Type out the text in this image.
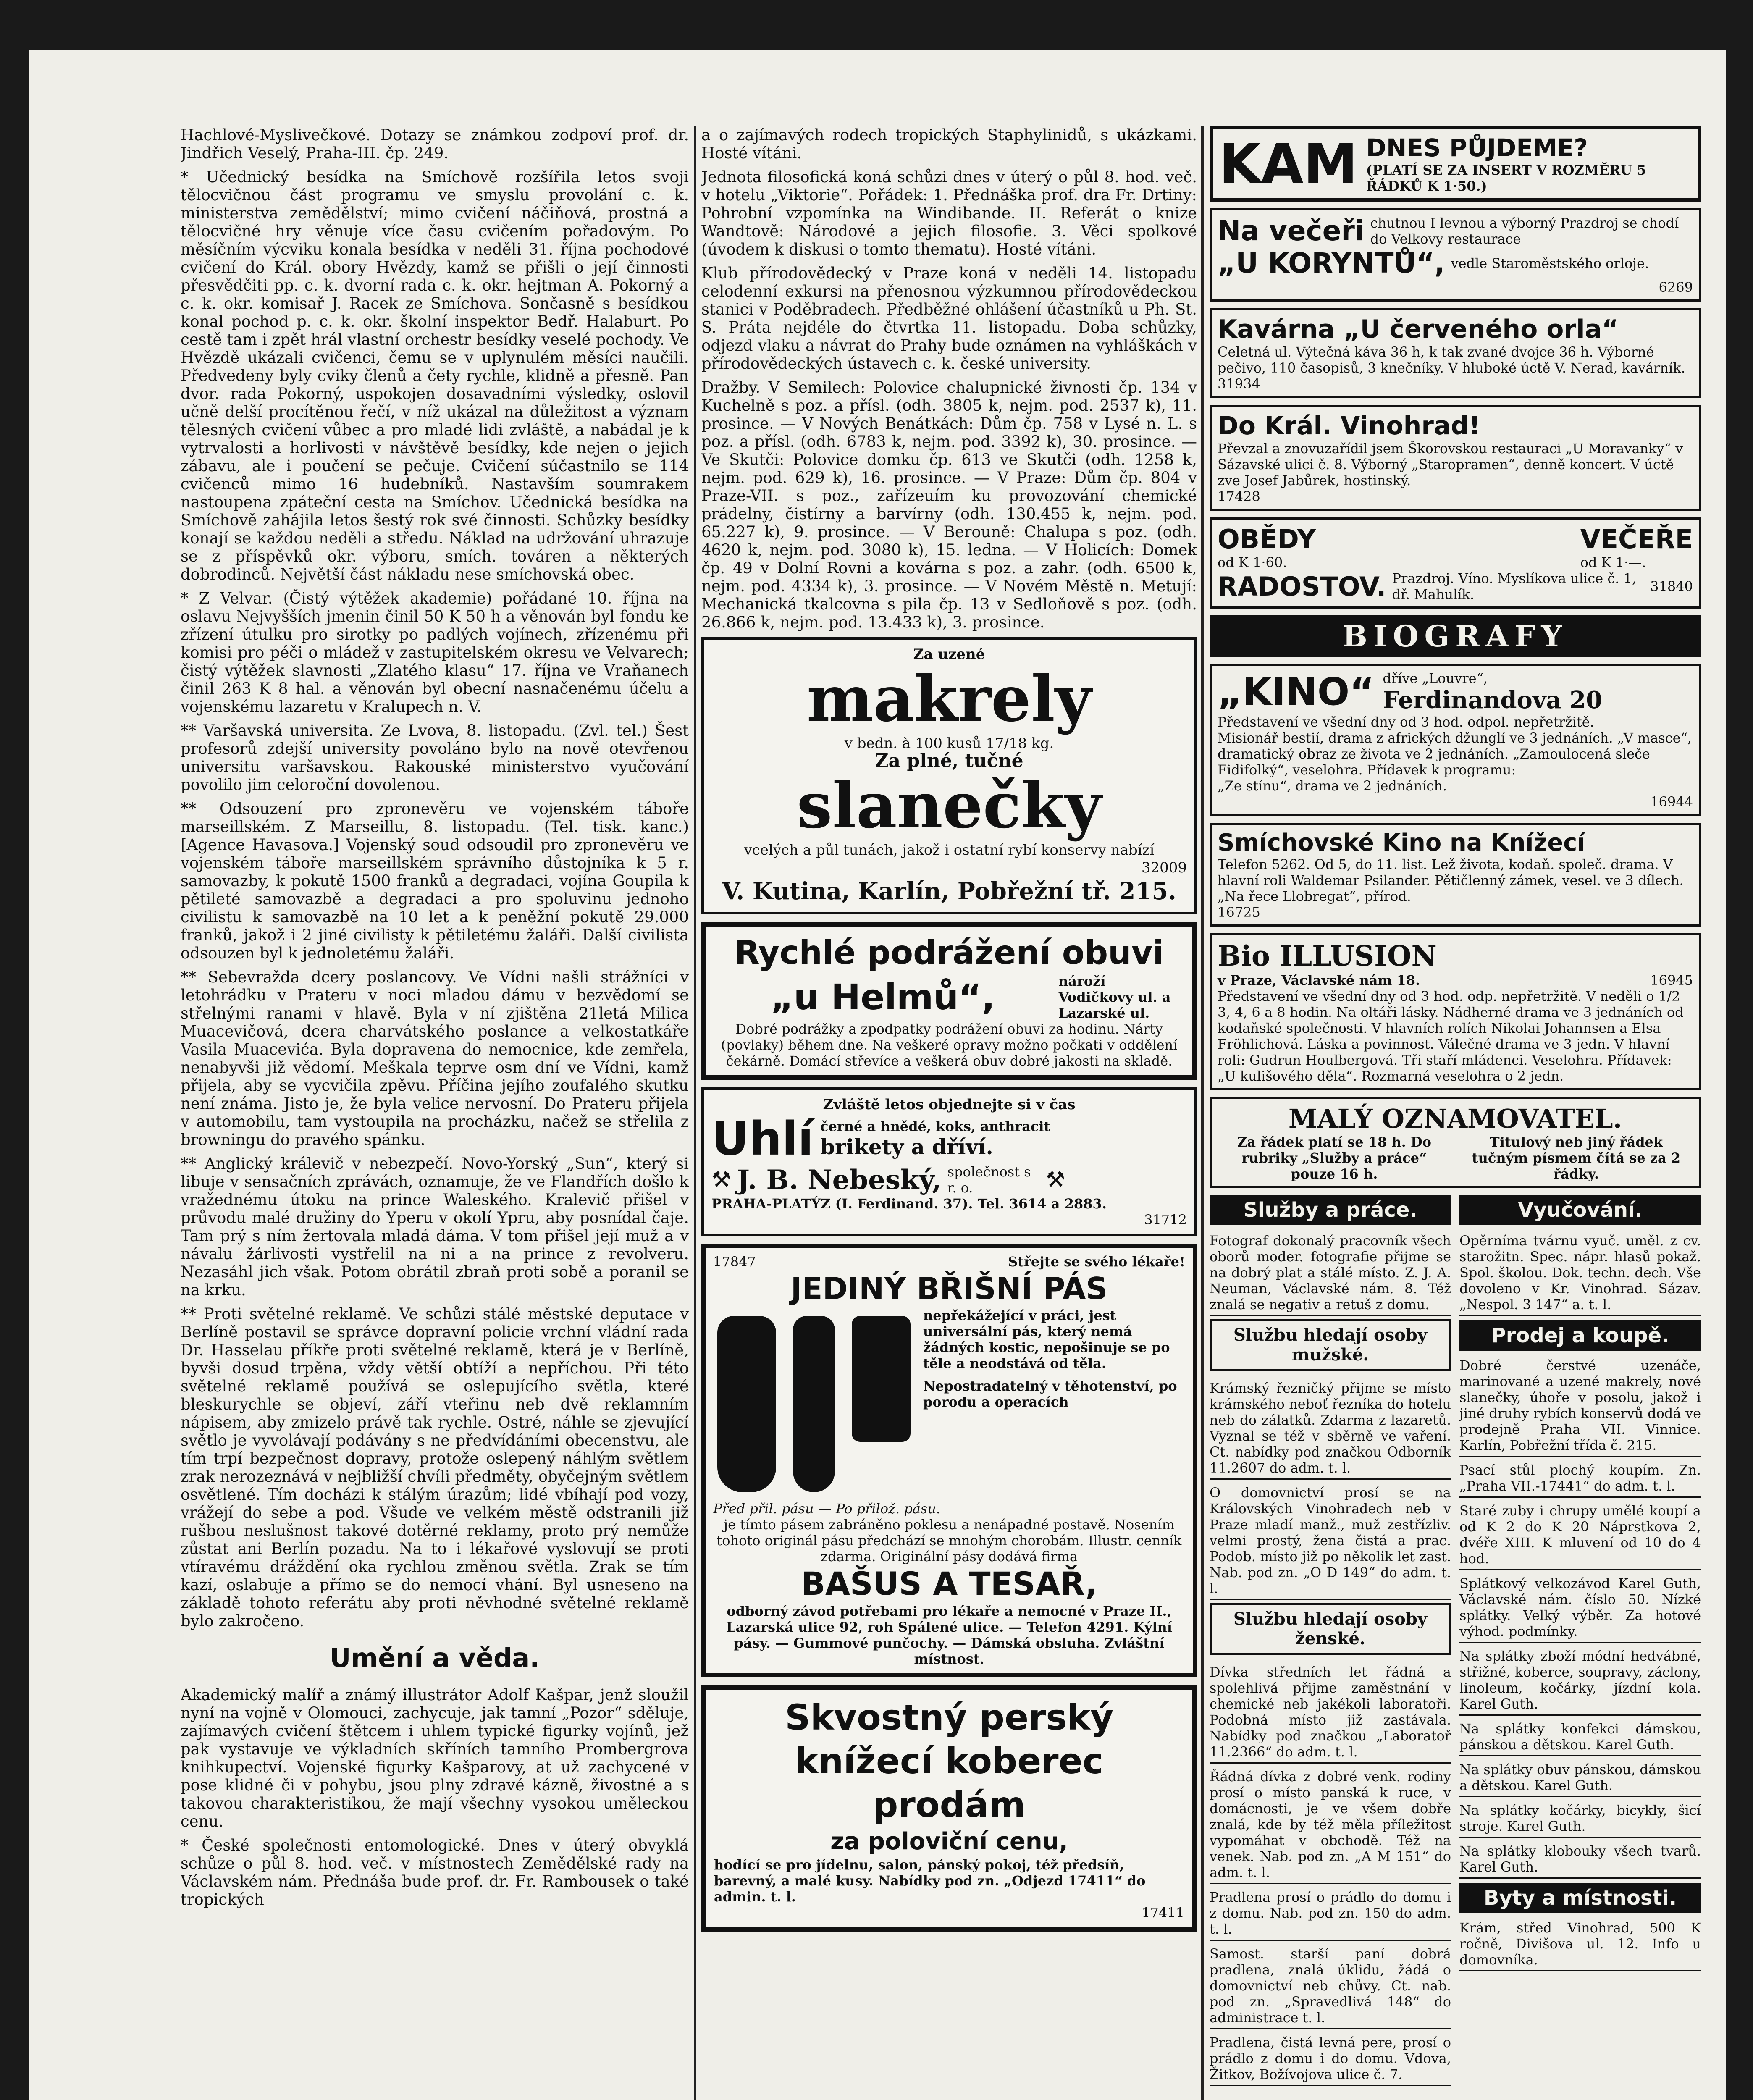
Hachlové-Myslivečkové. Dotazy se známkou zodpoví prof. dr. Jindřich Veselý, Praha-III. čp. 249.

* Učednický besídka na Smíchově rozšířila letos svoji tělocvičnou část programu ve smyslu provolání c. k. ministerstva zemědělství; mimo cvičení náčiňová, prostná a tělocvičné hry věnuje více času cvičením pořadovým. Po měsíčním výcviku konala besídka v neděli 31. října pochodové cvičení do Král. obory Hvězdy, kamž se přišli o její činnosti přesvědčiti pp. c. k. dvorní rada c. k. okr. hejtman A. Pokorný a c. k. okr. komisař J. Racek ze Smíchova. Sončasně s besídkou konal pochod p. c. k. okr. školní inspektor Bedř. Halaburt. Po cestě tam i zpět hrál vlastní orchestr besídky veselé pochody. Ve Hvězdě ukázali cvičenci, čemu se v uplynulém měsíci naučili. Předvedeny byly cviky členů a čety rychle, klidně a přesně. Pan dvor. rada Pokorný, uspokojen dosavadními výsledky, oslovil učně delší procítěnou řečí, v níž ukázal na důležitost a význam tělesných cvičení vůbec a pro mladé lidi zvláště, a nabádal je k vytrvalosti a horlivosti v návštěvě besídky, kde nejen o jejich zábavu, ale i poučení se pečuje. Cvičení súčastnilo se 114 cvičenců mimo 16 hudebníků. Nastavším soumrakem nastoupena zpáteční cesta na Smíchov. Učednická besídka na Smíchově zahájila letos šestý rok své činnosti. Schůzky besídky konají se každou neděli a středu. Náklad na udržování uhrazuje se z příspěvků okr. výboru, smích. továren a některých dobrodinců. Největší část nákladu nese smíchovská obec.

* Z Velvar. (Čistý výtěžek akademie) pořádané 10. října na oslavu Nejvyšších jmenin činil 50 K 50 h a věnován byl fondu ke zřízení útulku pro sirotky po padlých vojínech, zřízenému při komisi pro péči o mládež v zastupitelském okresu ve Velvarech; čistý výtěžek slavnosti „Zlatého klasu“ 17. října ve Vraňanech činil 263 K 8 hal. a věnován byl obecní nasnačenému účelu a vojenskému lazaretu v Kralupech n. V.

** Varšavská universita. Ze Lvova, 8. listopadu. (Zvl. tel.) Šest profesorů zdejší university povoláno bylo na nově otevřenou universitu varšavskou. Rakouské ministerstvo vyučování povolilo jim celoroční dovolenou.

** Odsouzení pro zpronevěru ve vojenském táboře marseillském. Z Marseillu, 8. listopadu. (Tel. tisk. kanc.) [Agence Havasova.] Vojenský soud odsoudil pro zpronevěru ve vojenském táboře marseillském správního důstojníka k 5 r. samovazby, k pokutě 1500 franků a degradaci, vojína Goupila k pětileté samovazbě a degradaci a pro spoluvinu jednoho civilistu k samovazbě na 10 let a k peněžní pokutě 29.000 franků, jakož i 2 jiné civilisty k pětiletému žaláři. Další civilista odsouzen byl k jednoletému žaláři.

** Sebevražda dcery poslancovy. Ve Vídni našli strážníci v letohrádku v Prateru v noci mladou dámu v bezvědomí se střelnými ranami v hlavě. Byla v ní zjištěna 21letá Milica Muacevičová, dcera charvátského poslance a velkostatkáře Vasila Muacevića. Byla dopravena do nemocnice, kde zemřela, nenabyvši již vědomí. Meškala teprve osm dní ve Vídni, kamž přijela, aby se vycvičila zpěvu. Příčina jejího zoufalého skutku není známa. Jisto je, že byla velice nervosní. Do Prateru přijela v automobilu, tam vystoupila na procházku, načež se střelila z browningu do pravého spánku.

** Anglický králevič v nebezpečí. Novo-Yorský „Sun“, který si libuje v sensačních zprávách, oznamuje, že ve Flandřích došlo k vražednému útoku na prince Waleského. Kralevič přišel v průvodu malé družiny do Yperu v okolí Ypru, aby posnídal čaje. Tam prý s ním žertovala mladá dáma. V tom přišel její muž a v návalu žárlivosti vystřelil na ni a na prince z revolveru. Nezasáhl jich však. Potom obrátil zbraň proti sobě a poranil se na krku.

** Proti světelné reklamě. Ve schůzi stálé městské deputace v Berlíně postavil se správce dopravní policie vrchní vládní rada Dr. Hasselau příkře proti světelné reklamě, která je v Berlíně, byvši dosud trpěna, vždy větší obtíží a nepříchou. Při této světelné reklamě používá se oslepujícího světla, které bleskurychle se objeví, září vteřinu neb dvě reklamním nápisem, aby zmizelo právě tak rychle. Ostré, náhle se zjevující světlo je vyvolávají podávány s ne předvídáními obecenstvu, ale tím trpí bezpečnost dopravy, protože oslepený náhlým světlem zrak nerozeznává v nejbližší chvíli předměty, obyčejným světlem osvětlené. Tím docházi k stálým úrazům; lidé vbíhají pod vozy, vrážejí do sebe a pod. Všude ve velkém městě odstranili již rušbou neslušnost takové dotěrné reklamy, proto prý nemůže zůstat ani Berlín pozadu. Na to i lékařové vyslovují se proti vtíravému dráždění oka rychlou změnou světla. Zrak se tím kazí, oslabuje a přímo se do nemocí vhání. Byl usneseno na základě tohoto referátu aby proti něvhodné světelné reklamě bylo zakročeno.

Umění a věda.

Akademický malíř a známý illustrátor Adolf Kašpar, jenž sloužil nyní na vojně v Olomouci, zachycuje, jak tamní „Pozor“ sděluje, zajímavých cvičení štětcem i uhlem typické figurky vojínů, jež pak vystavuje ve výkladních skříních tamního Prombergrova knihkupectví. Vojenské figurky Kašparovy, at už zachycené v pose klidné či v pohybu, jsou plny zdravé kázně, živostné a s takovou charakteristikou, že mají všechny vysokou uměleckou cenu.

* České společnosti entomologické. Dnes v úterý obvyklá schůze o půl 8. hod. več. v místnostech Zemědělské rady na Václavském nám. Přednáša bude prof. dr. Fr. Rambousek o také tropických

a o zajímavých rodech tropických Staphylinidů, s ukázkami. Hosté vítáni.

Jednota filosofická koná schůzi dnes v úterý o půl 8. hod. več. v hotelu „Viktorie“. Pořádek: 1. Přednáška prof. dra Fr. Drtiny: Pohrobní vzpomínka na Windibande. II. Referát o knize Wandtově: Národové a jejich filosofie. 3. Věci spolkové (úvodem k diskusi o tomto thematu). Hosté vítáni.

Klub přírodovědecký v Praze koná v neděli 14. listopadu celodenní exkursi na přenosnou výzkumnou přírodovědeckou stanici v Poděbradech. Předběžné ohlášení účastníků u Ph. St. S. Práta nejdéle do čtvrtka 11. listopadu. Doba schůzky, odjezd vlaku a návrat do Prahy bude oznámen na vyhláškách v přírodovědeckých ústavech c. k. české university.

Dražby. V Semilech: Polovice chalupnické živnosti čp. 134 v Kuchelně s poz. a přísl. (odh. 3805 k, nejm. pod. 2537 k), 11. prosince. — V Nových Benátkách: Dům čp. 758 v Lysé n. L. s poz. a přísl. (odh. 6783 k, nejm. pod. 3392 k), 30. prosince. — Ve Skutči: Polovice domku čp. 613 ve Skutči (odh. 1258 k, nejm. pod. 629 k), 16. prosince. — V Praze: Dům čp. 804 v Praze-VII. s poz., zařízeuím ku provozování chemické prádelny, čistírny a barvírny (odh. 130.455 k, nejm. pod. 65.227 k), 9. prosince. — V Berouně: Chalupa s poz. (odh. 4620 k, nejm. pod. 3080 k), 15. ledna. — V Holicích: Domek čp. 49 v Dolní Rovni a kovárna s poz. a zahr. (odh. 6500 k, nejm. pod. 4334 k), 3. prosince. — V Novém Městě n. Metují: Mechanická tkalcovna s pila čp. 13 v Sedloňově s poz. (odh. 26.866 k, nejm. pod. 13.433 k), 3. prosince.

Za uzené
makrely
v bedn. à 100 kusů 17/18 kg.
Za plné, tučné
slanečky
vcelých a půl tunách, jakož i ostatní rybí konservy nabízí
32009
V. Kutina, Karlín, Pobřežní tř. 215.
Rychlé podrážení obuvi
„u Helmů“,	nároží Vodičkovy ul. a Lazarské ul.
Dobré podrážky a zpodpatky podrážení obuvi za hodinu. Nárty (povlaky) během dne. Na veškeré opravy možno počkati v oddělení čekárně. Domácí střevíce a veškerá obuv dobré jakosti na skladě.
Zvláště letos objednejte si v čas
Uhlí černé a hnědé, koks, anthracit
brikety a dříví.
⚒ J. B. Nebeský, společnost s r. o.	⚒
PRAHA-PLATÝZ (I. Ferdinand. 37). Tel. 3614 a 2883.
31712
17847	Střejte se svého lékaře!
JEDINÝ BŘIŠNÍ PÁS
nepřekážející v práci, jest universální pás, který nemá žádných kostic, nepošinuje se po těle a neodstává od těla.
Nepostradatelný v těhotenství, po porodu a operacích
Před přil. pásu — Po přilož. pásu.
je tímto pásem zabráněno poklesu a nenápadné postavě. Nosením tohoto originál pásu předchází se mnohým chorobám. Illustr. cenník zdarma. Originální pásy dodává firma
BAŠUS A TESAŘ,
odborný závod potřebami pro lékaře a nemocné v Praze II., Lazarská ulice 92, roh Spálené ulice. — Telefon 4291. Kýlní pásy. — Gummové punčochy. — Dámská obsluha. Zvláštní místnost.
Skvostný perský
knížecí koberec
prodám
za poloviční cenu,
hodící se pro jídelnu, salon, pánský pokoj, též předsíň, barevný, a malé kusy. Nabídky pod zn. „Odjezd 17411“ do admin. t. l.
17411
KAM DNES PŮJDEME?
(PLATÍ SE ZA INSERT V ROZMĚRU 5 ŘÁDKŮ K 1·50.)
Na večeři chutnou I levnou a výborný Prazdroj se chodí do Velkovy restaurace
„U KORYNTŮ“, vedle Staroměstského orloje.
6269
Kavárna „U červeného orla“
Celetná ul. Výtečná káva 36 h, k tak zvané dvojce 36 h. Výborné pečivo, 110 časopisů, 3 knečníky. V hluboké úctě V. Nerad, kavárník.
31934
Do Král. Vinohrad!
Převzal a znovuzařídil jsem Škorovskou restauraci „U Moravanky“ v Sázavské ulici č. 8. Výborný „Staropramen“, denně koncert. V úctě zve Josef Jabůrek, hostinský.
17428
OBĚDY
od K 1·60.
VEČEŘE
od K 1·—.
RADOSTOV. Prazdroj. Víno. Myslíkova ulice č. 1, dř. Mahulík.	31840
BIOGRAFY
„KINO“ dříve „Louvre“,
Ferdinandova 20
Představení ve všední dny od 3 hod. odpol. nepřetržitě.
Misionář bestií, drama z afrických džunglí ve 3 jednáních. „V masce“, dramatický obraz ze života ve 2 jednáních. „Zamoulocená sleče Fidifolký“, veselohra. Přídavek k programu:
„Ze stínu“, drama ve 2 jednáních.
16944
Smíchovské Kino na Knížecí
Telefon 5262. Od 5, do 11. list. Lež života, kodaň. společ. drama. V hlavní roli Waldemar Psilander. Pětičlenný zámek, vesel. ve 3 dílech. „Na řece Llobregat“, přírod.
16725
Bio ILLUSION
v Praze, Václavské nám 18.	16945
Představení ve všední dny od 3 hod. odp. nepřetržitě. V neděli o 1/2 3, 4, 6 a 8 hodin. Na oltáři lásky. Nádherné drama ve 3 jednáních od kodaňské společnosti. V hlavních rolích Nikolai Johannsen a Elsa Fröhlichová. Láska a povinnost. Válečné drama ve 3 jedn. V hlavní roli: Gudrun Houlbergová. Tři staří mládenci. Veselohra. Přídavek: „U kulišového děla“. Rozmarná veselohra o 2 jedn.
MALÝ OZNAMOVATEL.
Za řádek platí se 18 h. Do rubriky „Služby a práce“ pouze 16 h.
Titulový neb jiný řádek tučným písmem čítá se za 2 řádky.
Služby a práce.
Fotograf dokonalý pracovník všech oborů moder. fotografie přijme se na dobrý plat a stálé místo. Z. J. A. Neuman, Václavské nám. 8. Též znalá se negativ a retuš z domu.
Službu hledají osoby mužské.
Krámský řezničký přijme se místo krámského neboť řezníka do hotelu neb do zálatků. Zdarma z lazaretů. Vyznal se též v sběrně ve vaření. Ct. nabídky pod značkou Odborník 11.2607 do adm. t. l.
O domovnictví prosí se na Královských Vinohradech neb v Praze mladí manž., muž zestřízliv. velmi prostý, žena čistá a prac. Podob. místo již po několik let zast. Nab. pod zn. „O D 149“ do adm. t. l.
Službu hledají osoby ženské.
Dívka středních let řádná a spolehlivá přijme zaměstnání v chemické neb jakékoli laboratoři. Podobná místo již zastávala. Nabídky pod značkou „Laboratoř 11.2366“ do adm. t. l.
Řádná dívka z dobré venk. rodiny prosí o místo panská k ruce, v domácnosti, je ve všem dobře znalá, kde by též měla příležitost vypomáhat v obchodě. Též na venek. Nab. pod zn. „A M 151“ do adm. t. l.
Pradlena prosí o prádlo do domu i z domu. Nab. pod zn. 150 do adm. t. l.
Samost. starší paní dobrá pradlena, znalá úklidu, žádá o domovnictví neb chůvy. Ct. nab. pod zn. „Spravedlivá 148“ do administrace t. l.
Pradlena, čistá levná pere, prosí o prádlo z domu i do domu. Vdova, Žitkov, Božívojova ulice č. 7.
Vyučování.
Opěrníma tvárnu vyuč. uměl. z cv. starožitn. Spec. nápr. hlasů pokaž. Spol. školou. Dok. techn. dech. Vše dovoleno v Kr. Vinohrad. Sázav. „Nespol. 3 147“ a. t. l.
Prodej a koupě.
Dobré čerstvé uzenáče, marinované a uzené makrely, nové slanečky, úhoře v posolu, jakož i jiné druhy rybích konservů dodá ve prodejně Praha VII. Vinnice. Karlín, Pobřežní třída č. 215.
Psací stůl plochý koupím. Zn. „Praha VII.-17441“ do adm. t. l.
Staré zuby i chrupy umělé koupí a od K 2 do K 20 Náprstkova 2, dvéře XIII. K mluvení od 10 do 4 hod.
Splátkový velkozávod Karel Guth, Václavské nám. číslo 50. Nízké splátky. Velký výběr. Za hotové výhod. podmínky.
Na splátky zboží módní hedvábné, střižné, koberce, soupravy, záclony, linoleum, kočárky, jízdní kola. Karel Guth.
Na splátky konfekci dámskou, pánskou a dětskou. Karel Guth.
Na splátky obuv pánskou, dámskou a dětskou. Karel Guth.
Na splátky kočárky, bicykly, šicí stroje. Karel Guth.
Na splátky klobouky všech tvarů. Karel Guth.
Byty a místnosti.
Krám, střed Vinohrad, 500 K ročně, Divišova ul. 12. Info u domovníka.
